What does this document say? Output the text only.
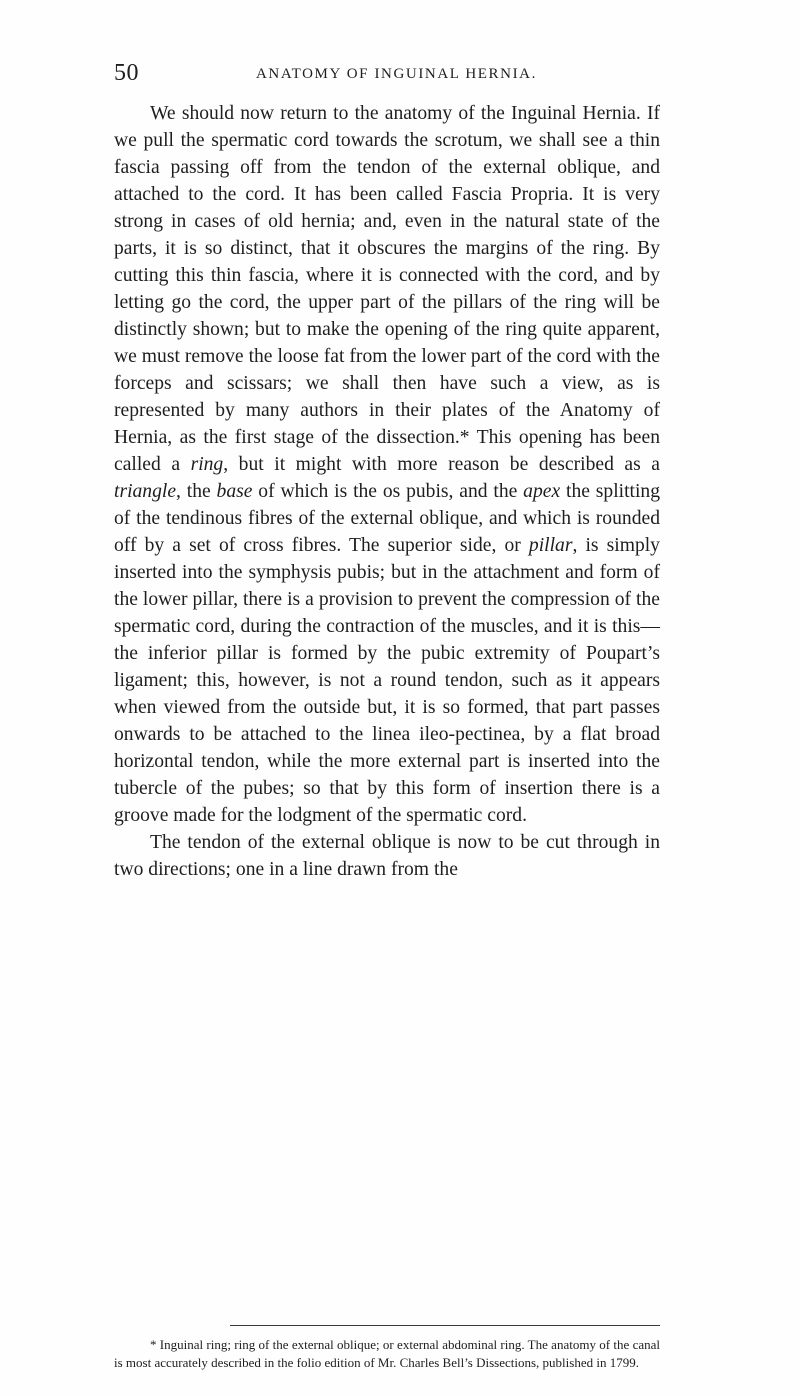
50	ANATOMY OF INGUINAL HERNIA.

We should now return to the anatomy of the Inguinal Hernia. If we pull the spermatic cord towards the scrotum, we shall see a thin fascia passing off from the tendon of the external oblique, and attached to the cord. It has been called Fascia Propria. It is very strong in cases of old hernia; and, even in the natural state of the parts, it is so distinct, that it obscures the margins of the ring. By cutting this thin fascia, where it is connected with the cord, and by letting go the cord, the upper part of the pillars of the ring will be distinctly shown; but to make the opening of the ring quite apparent, we must remove the loose fat from the lower part of the cord with the forceps and scissars; we shall then have such a view, as is represented by many authors in their plates of the Anatomy of Hernia, as the first stage of the dissection.* This opening has been called a ring, but it might with more reason be described as a triangle, the base of which is the os pubis, and the apex the splitting of the tendinous fibres of the external oblique, and which is rounded off by a set of cross fibres. The superior side, or pillar, is simply inserted into the symphysis pubis; but in the attachment and form of the lower pillar, there is a provision to prevent the compression of the spermatic cord, during the contraction of the muscles, and it is this—the inferior pillar is formed by the pubic extremity of Poupart’s ligament; this, however, is not a round tendon, such as it appears when viewed from the outside but, it is so formed, that part passes onwards to be attached to the linea ileo-pectinea, by a flat broad horizontal tendon, while the more external part is inserted into the tubercle of the pubes; so that by this form of insertion there is a groove made for the lodgment of the spermatic cord.

The tendon of the external oblique is now to be cut through in two directions; one in a line drawn from the

* Inguinal ring; ring of the external oblique; or external abdominal ring. The anatomy of the canal is most accurately described in the folio edition of Mr. Charles Bell’s Dissections, published in 1799.
